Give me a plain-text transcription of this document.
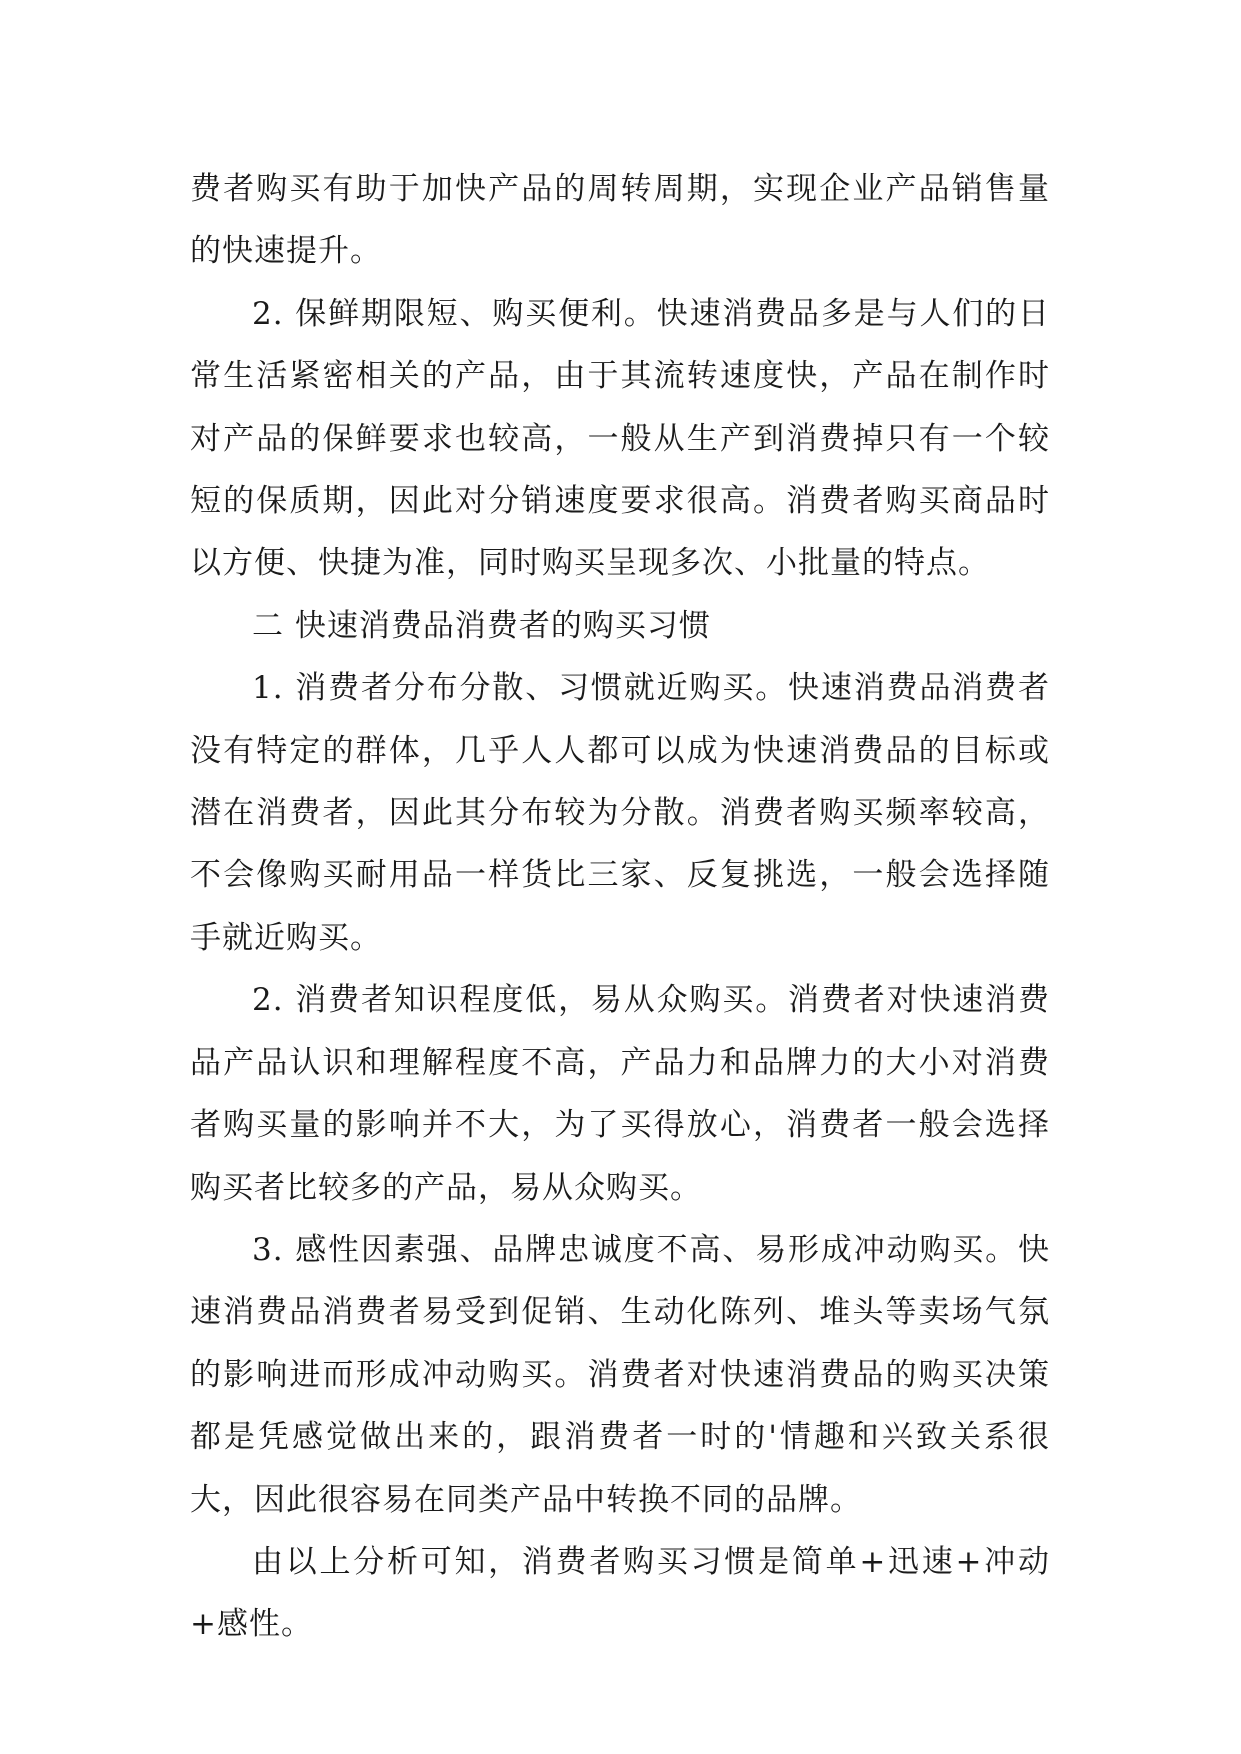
费者购买有助于加快产品的周转周期，实现企业产品销售量的快速提升。

2. 保鲜期限短、购买便利。快速消费品多是与人们的日常生活紧密相关的产品，由于其流转速度快，产品在制作时对产品的保鲜要求也较高，一般从生产到消费掉只有一个较短的保质期，因此对分销速度要求很高。消费者购买商品时以方便、快捷为准，同时购买呈现多次、小批量的特点。

二 快速消费品消费者的购买习惯

1. 消费者分布分散、习惯就近购买。快速消费品消费者没有特定的群体，几乎人人都可以成为快速消费品的目标或潜在消费者，因此其分布较为分散。消费者购买频率较高，不会像购买耐用品一样货比三家、反复挑选，一般会选择随手就近购买。

2. 消费者知识程度低，易从众购买。消费者对快速消费品产品认识和理解程度不高，产品力和品牌力的大小对消费者购买量的影响并不大，为了买得放心，消费者一般会选择购买者比较多的产品，易从众购买。

3. 感性因素强、品牌忠诚度不高、易形成冲动购买。快速消费品消费者易受到促销、生动化陈列、堆头等卖场气氛的影响进而形成冲动购买。消费者对快速消费品的购买决策都是凭感觉做出来的，跟消费者一时的'情趣和兴致关系很大，因此很容易在同类产品中转换不同的品牌。

由以上分析可知，消费者购买习惯是简单+迅速+冲动+感性。
